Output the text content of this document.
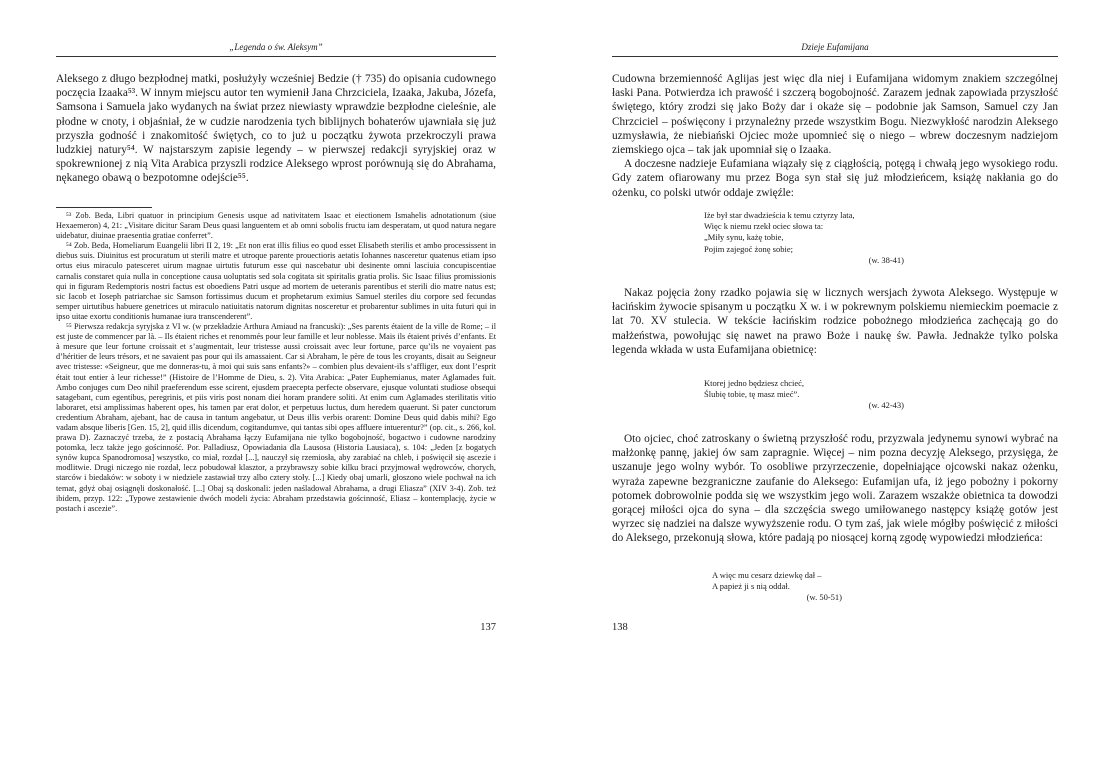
„Legenda o św. Aleksym”

Aleksego z długo bezpłodnej matki, posłużyły wcześniej Bedzie († 735) do opisania cudownego poczęcia Izaaka⁵³. W innym miejscu autor ten wymienił Jana Chrzciciela, Izaaka, Jakuba, Józefa, Samsona i Samuela jako wydanych na świat przez niewiasty wprawdzie bezpłodne cieleśnie, ale płodne w cnoty, i objaśniał, że w cudzie narodzenia tych biblijnych bohaterów ujawniała się już przyszła godność i znakomitość świętych, co to już u początku żywota przekroczyli prawa ludzkiej natury⁵⁴. W najstarszym zapisie legendy – w pierwszej redakcji syryjskiej oraz w spokrewnionej z nią Vita Arabica przyszli rodzice Aleksego wprost porównują się do Abrahama, nękanego obawą o bezpotomne odejście⁵⁵.

⁵³ Zob. Beda, Libri quatuor in principium Genesis usque ad nativitatem Isaac et eiectionem Ismahelis adnotationum (siue Hexaemeron) 4, 21: „Visitare dicitur Saram Deus quasi languentem et ab omni sobolis fructu iam desperatam, ut quod natura negare uidebatur, diuinae praesentia gratiae conferret”.

⁵⁴ Zob. Beda, Homeliarum Euangelii libri II 2, 19: „Et non erat illis filius eo quod esset Elisabeth sterilis et ambo processissent in diebus suis. Diuinitus est procuratum ut sterili matre et utroque parente prouectioris aetatis Iohannes nasceretur quatenus etiam ipso ortus eius miraculo patesceret uirum magnae uirtutis futurum esse qui nascebatur ubi desinente omni lasciuia concupiscentiae carnalis constaret quia nulla in conceptione causa uoluptatis sed sola cogitata sit spiritalis gratia prolis. Sic Isaac filius promissionis qui in figuram Redemptoris nostri factus est oboediens Patri usque ad mortem de ueteranis parentibus et sterili dio matre natus est; sic Iacob et Ioseph patriarchae sic Samson fortissimus ducum et prophetarum eximius Samuel steriles diu corpore sed fecundas semper uirtutibus habuere genetrices ut miraculo natiuitatis natorum dignitas nosceretur et probarentur sublimes in uita futuri qui in ipso uitae exortu conditionis humanae iura transcenderent”.

⁵⁵ Pierwsza redakcja syryjska z VI w. (w przekładzie Arthura Amiaud na francuski): „Ses parents étaient de la ville de Rome; – il est juste de commencer par là. – Ils étaient riches et renommés pour leur famille et leur noblesse. Mais ils étaient privés d’enfants. Et à mesure que leur fortune croissait et s’augmentait, leur tristesse aussi croissait avec leur fortune, parce qu’ils ne voyaient pas d’héritier de leurs trésors, et ne savaient pas pour qui ils amassaient. Car si Abraham, le père de tous les croyants, disait au Seigneur avec tristesse: «Seigneur, que me donneras-tu, à moi qui suis sans enfants?» – combien plus devaient-ils s’affliger, eux dont l’esprit était tout entier à leur richesse!” (Histoire de l’Homme de Dieu, s. 2). Vita Arabica: „Pater Euphemianus, mater Aglamades fuit. Ambo conjuges cum Deo nihil praeferendum esse scirent, ejusdem praecepta perfecte observare, ejusque voluntati studiose obsequi satagebant, cum egentibus, peregrinis, et piis viris post nonam diei horam prandere soliti. At enim cum Aglamades sterilitatis vitio laboraret, etsi amplissimas haberent opes, his tamen par erat dolor, et perpetuus luctus, dum heredem quaerunt. Si pater cunctorum credentium Abraham, ajebant, hac de causa in tantum angebatur, ut Deus illis verbis orarent: Domine Deus quid dabis mihi? Ego vadam absque liberis [Gen. 15, 2], quid illis dicendum, cogitandumve, qui tantas sibi opes affluere intuerentur?” (op. cit., s. 266, kol. prawa D). Zaznaczyć trzeba, że z postacią Abrahama łączy Eufamijana nie tylko bogobojność, bogactwo i cudowne narodziny potomka, lecz także jego gościnność. Por. Palladiusz, Opowiadania dla Lausosa (Historia Lausiaca), s. 104: „Jeden [z bogatych synów kupca Spanodromosa] wszystko, co miał, rozdał [...], nauczył się rzemiosła, aby zarabiać na chleb, i poświęcił się ascezie i modlitwie. Drugi niczego nie rozdał, lecz pobudował klasztor, a przybrawszy sobie kilku braci przyjmował wędrowców, chorych, starców i biedaków: w soboty i w niedziele zastawiał trzy albo cztery stoły. [...] Kiedy obaj umarli, głoszono wiele pochwał na ich temat, gdyż obaj osiągnęli doskonałość. [...] Obaj są doskonali: jeden naśladował Abrahama, a drugi Eliasza” (XIV 3-4). Zob. też ibidem, przyp. 122: „Typowe zestawienie dwóch modeli życia: Abraham przedstawia gościnność, Eliasz – kontemplację, życie w postach i ascezie”.

137
Dzieje Eufamijana

Cudowna brzemienność Aglijas jest więc dla niej i Eufamijana widomym znakiem szczególnej łaski Pana. Potwierdza ich prawość i szczerą bogobojność. Zarazem jednak zapowiada przyszłość świętego, który zrodzi się jako Boży dar i okaże się – podobnie jak Samson, Samuel czy Jan Chrzciciel – poświęcony i przynależny przede wszystkim Bogu. Niezwykłość narodzin Aleksego uzmysławia, że niebiański Ojciec może upomnieć się o niego – wbrew doczesnym nadziejom ziemskiego ojca – tak jak upomniał się o Izaaka.

A doczesne nadzieje Eufamiana wiązały się z ciągłością, potęgą i chwałą jego wysokiego rodu. Gdy zatem ofiarowany mu przez Boga syn stał się już młodzieńcem, książę nakłania go do ożenku, co polski utwór oddaje zwięźle:

Iże był star dwadzieścia k temu cztyrzy lata,
Więc k niemu rzekł ociec słowa ta:
„Miły synu, każę tobie,
Pojim zajegoć żonę sobie;
(w. 38-41)

Nakaz pojęcia żony rzadko pojawia się w licznych wersjach żywota Aleksego. Występuje w łacińskim żywocie spisanym u początku X w. i w pokrewnym polskiemu niemieckim poemacie z lat 70. XV stulecia. W tekście łacińskim rodzice pobożnego młodzieńca zachęcają go do małżeństwa, powołując się nawet na prawo Boże i naukę św. Pawła. Jednakże tylko polska legenda wkłada w usta Eufamijana obietnicę:

Ktorej jedno będziesz chcieć,
Ślubię tobie, tę masz mieć”.
(w. 42-43)

Oto ojciec, choć zatroskany o świetną przyszłość rodu, przyzwala jedynemu synowi wybrać na małżonkę pannę, jakiej ów sam zapragnie. Więcej – nim pozna decyzję Aleksego, przysięga, że uszanuje jego wolny wybór. To osobliwe przyrzeczenie, dopełniające ojcowski nakaz ożenku, wyraża zapewne bezgraniczne zaufanie do Aleksego: Eufamijan ufa, iż jego pobożny i pokorny potomek dobrowolnie podda się we wszystkim jego woli. Zarazem wszakże obietnica ta dowodzi gorącej miłości ojca do syna – dla szczęścia swego umiłowanego następcy książę gotów jest wyrzec się nadziei na dalsze wywyższenie rodu. O tym zaś, jak wiele mógłby poświęcić z miłości do Aleksego, przekonują słowa, które padają po niosącej korną zgodę wypowiedzi młodzieńca:

A więc mu cesarz dziewkę dał –
A papież ji s nią oddał.
(w. 50-51)
138
